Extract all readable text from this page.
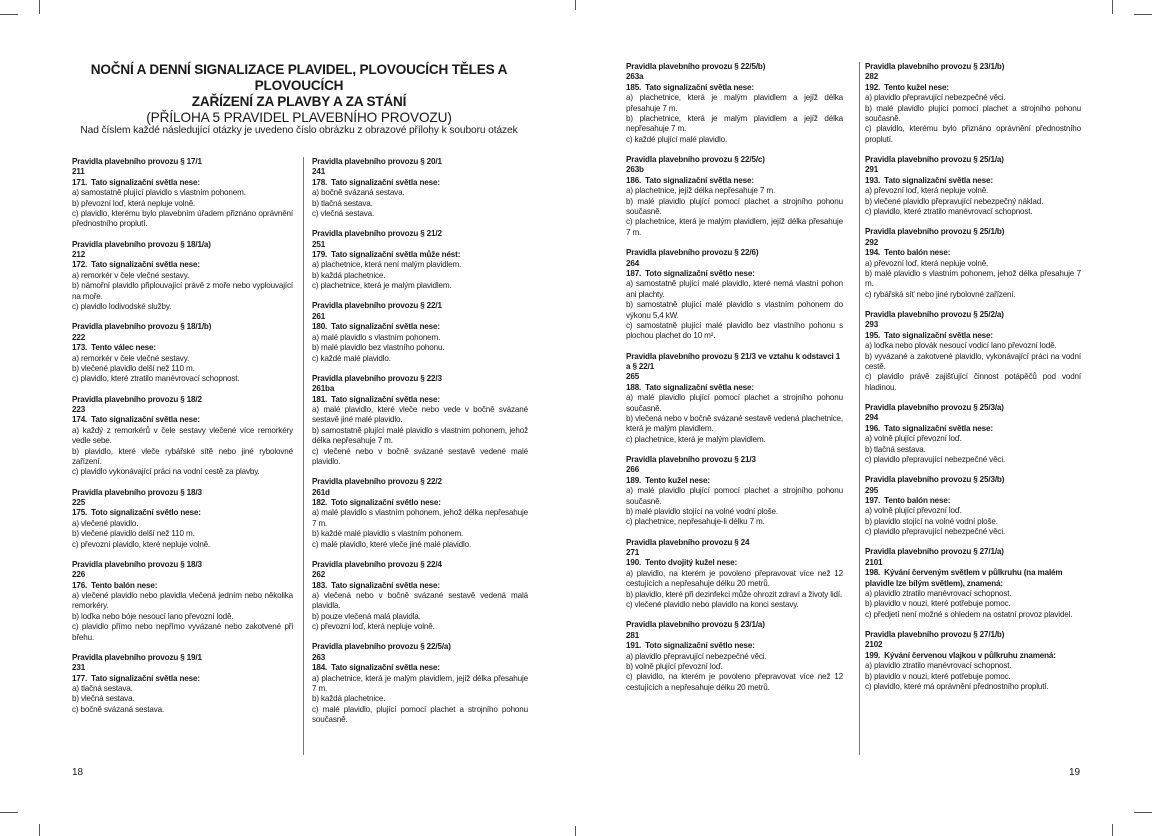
NOČNÍ A DENNÍ SIGNALIZACE PLAVIDEL, PLOVOUCÍCH TĚLES A PLOVOUCÍCH
ZAŘÍZENÍ ZA PLAVBY A ZA STÁNÍ
(PŘÍLOHA 5 PRAVIDEL PLAVEBNÍHO PROVOZU)
Nad číslem každé následující otázky je uvedeno číslo obrázku z obrazové přílohy k souboru otázek
Pravidla plavebního provozu § 17/1
211
171. Tato signalizační světla nese:
a) samostatně plující plavidlo s vlastním pohonem.
b) převozní loď, která nepluje volně.
c) plavidlo, kterému bylo plavebním úřadem přiznáno oprávnění přednostního proplutí.
Pravidla plavebního provozu § 18/1/a)
212
172. Tato signalizační světla nese:
a) remorkér v čele vlečné sestavy.
b) námořní plavidlo připlouvající právě z moře nebo vyplouvající na moře.
c) plavidlo lodivodské služby.
Pravidla plavebního provozu § 18/1/b)
222
173. Tento válec nese:
a) remorkér v čele vlečné sestavy.
b) vlečené plavidlo delší než 110 m.
c) plavidlo, které ztratilo manévrovací schopnost.
Pravidla plavebního provozu § 18/2
223
174. Tato signalizační světla nese:
a) každý z remorkérů v čele sestavy vlečené více remorkéry vedle sebe.
b) plavidlo, které vleče rybářské sítě nebo jiné rybolovné zařízení.
c) plavidlo vykonávající práci na vodní cestě za plavby.
Pravidla plavebního provozu § 18/3
225
175. Toto signalizační světlo nese:
a) vlečené plavidlo.
b) vlečené plavidlo delší než 110 m.
c) převozní plavidlo, které nepluje volně.
Pravidla plavebního provozu § 18/3
226
176. Tento balón nese:
a) vlečené plavidlo nebo plavidla vlečená jedním nebo několika remorkéry.
b) loďka nebo bóje nesoucí lano převozní lodě.
c) plavidlo přímo nebo nepřímo vyvázané nebo zakotvené při břehu.
Pravidla plavebního provozu § 19/1
231
177. Tato signalizační světla nese:
a) tlačná sestava.
b) vlečná sestava.
c) bočně svázaná sestava.
Pravidla plavebního provozu § 20/1
241
178. Tato signalizační světla nese:
a) bočně svázaná sestava.
b) tlačná sestava.
c) vlečná sestava.
Pravidla plavebního provozu § 21/2
251
179. Tato signalizační světla může nést:
a) plachetnice, která není malým plavidlem.
b) každá plachetnice.
c) plachetnice, která je malým plavidlem.
Pravidla plavebního provozu § 22/1
261
180. Tato signalizační světla nese:
a) malé plavidlo s vlastním pohonem.
b) malé plavidlo bez vlastního pohonu.
c) každé malé plavidlo.
Pravidla plavebního provozu § 22/3
261ba
181. Tato signalizační světla nese:
a) malé plavidlo, které vleče nebo vede v bočně svázané sestavě jiné malé plavidlo.
b) samostatně plující malé plavidlo s vlastním pohonem, jehož délka nepřesahuje 7 m.
c) vlečené nebo v bočně svázané sestavě vedené malé plavidlo.
Pravidla plavebního provozu § 22/2
261d
182. Toto signalizační světlo nese:
a) malé plavidlo s vlastním pohonem, jehož délka nepřesahuje 7 m.
b) každé malé plavidlo s vlastním pohonem.
c) malé plavidlo, které vleče jiné malé plavidlo.
Pravidla plavebního provozu § 22/4
262
183. Tato signalizační světla nese:
a) vlečená nebo v bočně svázané sestavě vedená malá plavidla.
b) pouze vlečená malá plavidla.
c) převozní loď, která nepluje volně.
Pravidla plavebního provozu § 22/5/a)
263
184. Tato signalizační světla nese:
a) plachetnice, která je malým plavidlem, jejíž délka přesahuje 7 m.
b) každá plachetnice.
c) malé plavidlo, plující pomocí plachet a strojního pohonu současně.
Pravidla plavebního provozu § 22/5/b)
263a
185. Tato signalizační světla nese:
a) plachetnice, která je malým plavidlem a jejíž délka přesahuje 7 m.
b) plachetnice, která je malým plavidlem a jejíž délka nepřesahuje 7 m.
c) každé plující malé plavidlo.
Pravidla plavebního provozu § 22/5/c)
263b
186. Tato signalizační světla nese:
a) plachetnice, jejíž délka nepřesahuje 7 m.
b) malé plavidlo plující pomocí plachet a strojního pohonu současně.
c) plachetnice, která je malým plavidlem, jejíž délka přesahuje 7 m.
Pravidla plavebního provozu § 22/6)
264
187. Toto signalizační světlo nese:
a) samostatně plující malé plavidlo, které nemá vlastní pohon ani plachty.
b) samostatně plující malé plavidlo s vlastním pohonem do výkonu 5,4 kW.
c) samostatně plující malé plavidlo bez vlastního pohonu s plochou plachet do 10 m².
Pravidla plavebního provozu § 21/3 ve vztahu k odstavci 1 a § 22/1
265
188. Tato signalizační světla nese:
a) malé plavidlo plující pomocí plachet a strojního pohonu současně.
b) vlečená nebo v bočně svázané sestavě vedená plachetnice, která je malým plavidlem.
c) plachetnice, která je malým plavidlem.
Pravidla plavebního provozu § 21/3
266
189. Tento kužel nese:
a) malé plavidlo plující pomocí plachet a strojního pohonu současně.
b) malé plavidlo stojící na volné vodní ploše.
c) plachetnice, nepřesahuje-li délku 7 m.
Pravidla plavebního provozu § 24
271
190. Tento dvojitý kužel nese:
a) plavidlo, na kterém je povoleno přepravovat více než 12 cestujících a nepřesahuje délku 20 metrů.
b) plavidlo, které při dezinfekci může ohrozit zdraví a životy lidí.
c) vlečené plavidlo nebo plavidlo na konci sestavy.
Pravidla plavebního provozu § 23/1/a)
281
191. Toto signalizační světlo nese:
a) plavidlo přepravující nebezpečné věci.
b) volně plující převozní loď.
c) plavidlo, na kterém je povoleno přepravovat více než 12 cestujících a nepřesahuje délku 20 metrů.
Pravidla plavebního provozu § 23/1/b)
282
192. Tento kužel nese:
a) plavidlo přepravující nebezpečné věci.
b) malé plavidlo plující pomocí plachet a strojního pohonu současně.
c) plavidlo, kterému bylo přiznáno oprávnění přednostního proplutí.
Pravidla plavebního provozu § 25/1/a)
291
193. Tato signalizační světla nese:
a) převozní loď, která nepluje volně.
b) vlečené plavidlo přepravující nebezpečný náklad.
c) plavidlo, které ztratilo manévrovací schopnost.
Pravidla plavebního provozu § 25/1/b)
292
194. Tento balón nese:
a) převozní loď, která nepluje volně.
b) malé plavidlo s vlastním pohonem, jehož délka přesahuje 7 m.
c) rybářská síť nebo jiné rybolovné zařízení.
Pravidla plavebního provozu § 25/2/a)
293
195. Tato signalizační světla nese:
a) loďka nebo plovák nesoucí vodicí lano převozní lodě.
b) vyvázané a zakotvené plavidlo, vykonávající práci na vodní cestě.
c) plavidlo právě zajišťující činnost potápěčů pod vodní hladinou.
Pravidla plavebního provozu § 25/3/a)
294
196. Tato signalizační světla nese:
a) volně plující převozní loď.
b) tlačná sestava.
c) plavidlo přepravující nebezpečné věci.
Pravidla plavebního provozu § 25/3/b)
295
197. Tento balón nese:
a) volně plující převozní loď.
b) plavidlo stojící na volné vodní ploše.
c) plavidlo přepravující nebezpečné věci.
Pravidla plavebního provozu § 27/1/a)
2101
198. Kývání červeným světlem v půlkruhu (na malém plavidle lze bílým světlem), znamená:
a) plavidlo ztratilo manévrovací schopnost.
b) plavidlo v nouzi, které potřebuje pomoc.
c) předjetí není možné s ohledem na ostatní provoz plavidel.
Pravidla plavebního provozu § 27/1/b)
2102
199. Kývání červenou vlajkou v půlkruhu znamená:
a) plavidlo ztratilo manévrovací schopnost.
b) plavidlo v nouzi, které potřebuje pomoc.
c) plavidlo, které má oprávnění přednostního proplutí.
18	19
